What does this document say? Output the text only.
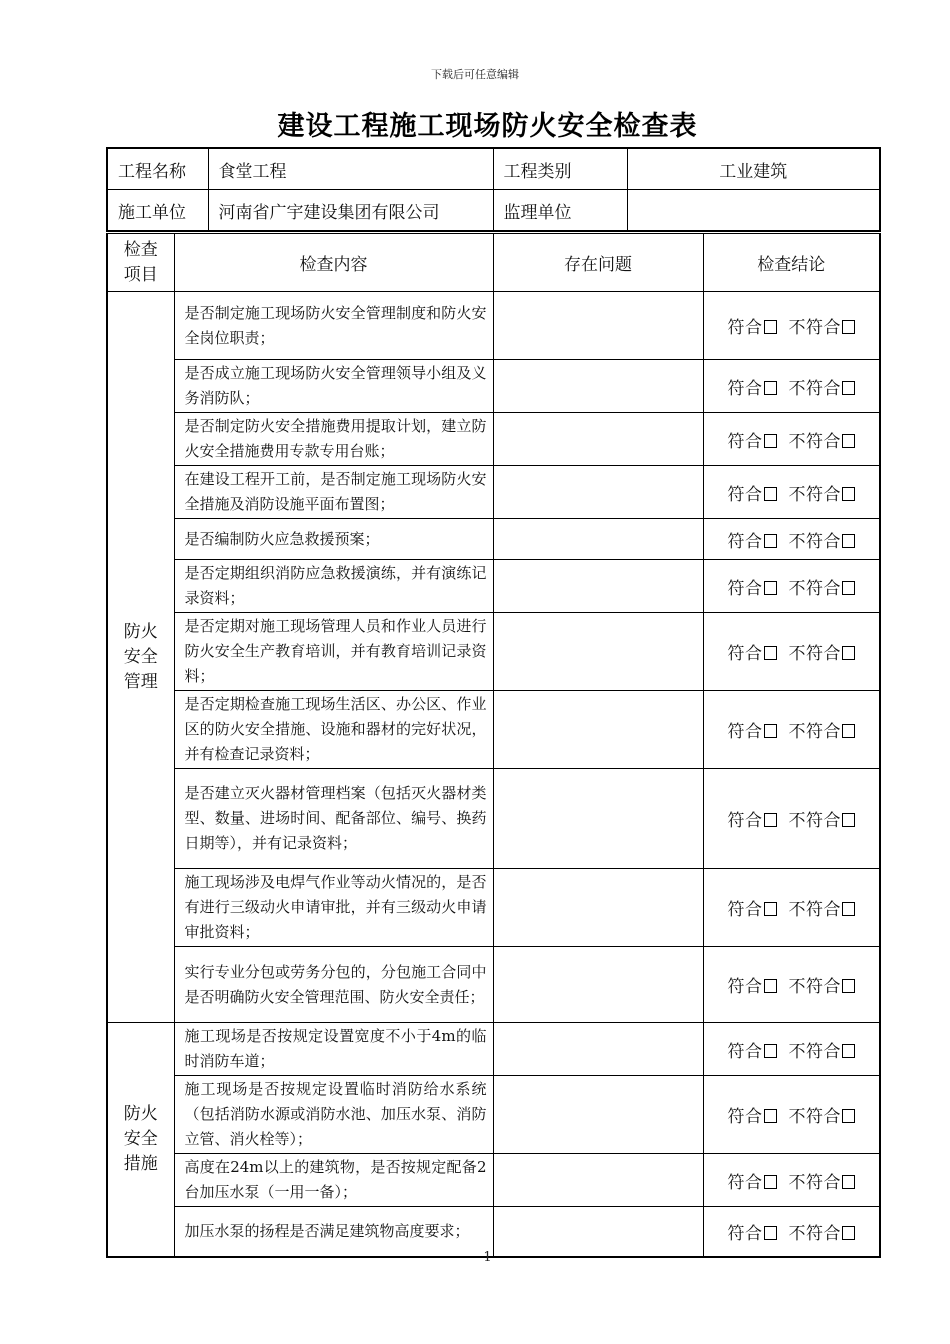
下载后可任意编辑
建设工程施工现场防火安全检查表
工程名称	食堂工程	工程类别	工业建筑
施工单位	河南省广宇建设集团有限公司	监理单位	
检查
项目	检查内容	存在问题	检查结论
防火
安全
管理	是否制定施工现场防火安全管理制度和防火安全岗位职责；		符合 不符合
	是否成立施工现场防火安全管理领导小组及义务消防队；		符合 不符合
	是否制定防火安全措施费用提取计划，建立防火安全措施费用专款专用台账；		符合 不符合
	在建设工程开工前，是否制定施工现场防火安全措施及消防设施平面布置图；		符合 不符合
	是否编制防火应急救援预案；		符合 不符合
	是否定期组织消防应急救援演练，并有演练记录资料；		符合 不符合
	是否定期对施工现场管理人员和作业人员进行防火安全生产教育培训，并有教育培训记录资料；		符合 不符合
	是否定期检查施工现场生活区、办公区、作业区的防火安全措施、设施和器材的完好状况，并有检查记录资料；		符合 不符合
	是否建立灭火器材管理档案（包括灭火器材类型、数量、进场时间、配备部位、编号、换药日期等），并有记录资料；		符合 不符合
	施工现场涉及电焊气作业等动火情况的，是否有进行三级动火申请审批，并有三级动火申请审批资料；		符合 不符合
	实行专业分包或劳务分包的，分包施工合同中是否明确防火安全管理范围、防火安全责任；		符合 不符合
防火
安全
措施	施工现场是否按规定设置宽度不小于4m的临时消防车道；		符合 不符合
	施工现场是否按规定设置临时消防给水系统（包括消防水源或消防水池、加压水泵、消防立管、消火栓等）；		符合 不符合
	高度在24m以上的建筑物，是否按规定配备2台加压水泵（一用一备）；		符合 不符合
	加压水泵的扬程是否满足建筑物高度要求；		符合 不符合
1
